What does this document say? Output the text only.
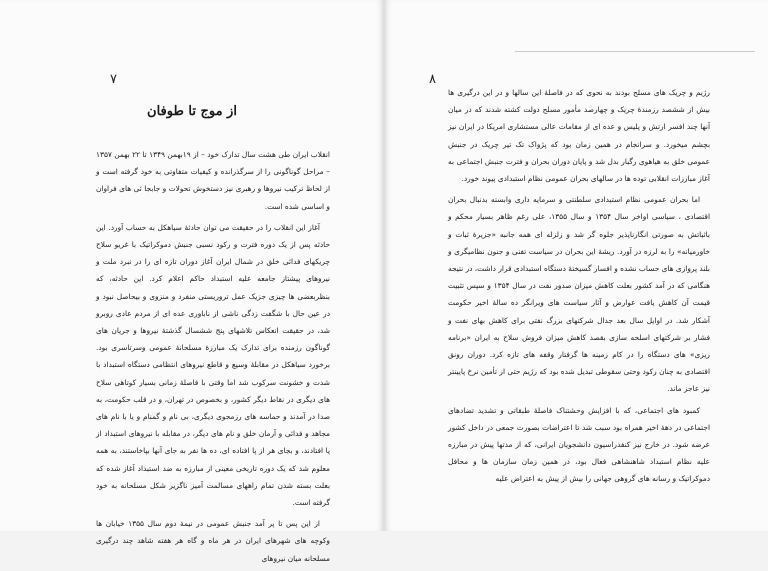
۷
از موج تا طوفان

انقلاب ایران طی هشت سال تدارک خود – از ۱۹بهمن ۱۳۴۹ تا ۲۲ بهمن ۱۳۵۷ – مراحل گوناگونی را از سرگذرانده و کیفیات متفاوتی به خود گرفته است و از لحاظ ترکیب نیروها و رهبری نیز دستخوش تحولات و جابجا ئی های فراوان و اساسی شده است.

آغاز این انقلاب را در حقیقت می توان حادثهٔ سیاهکل به حساب آورد. این حادثه پس از یک دوره فترت و رکود نسبی جنبش دموکراتیک با غریو سلاح چریکهای فدائی خلق در شمال ایران آغاز دوران تازه ای را در نبرد ملت و نیروهای پیشتاز جامعه علیه استبداد حاکم اعلام کرد. این حادثه، که بنظربعضی ها چیزی جزیک عمل تروریستی منفرد و منزوی و بیحاصل نبود و در عین حال با شگفت زدگی ناشی از ناباوری عده ای از مردم عادی روبرو شد، در حقیقت انعکاس تلاشهای پنج ششسال گذشتهٔ نیروها و جریان های گوناگون رزمنده برای تدارک یک مبارزهٔ مسلحانهٔ عمومی وسرتاسری بود. برخورد سیاهکل در مقابلهٔ وسیع و قاطع نیروهای انتظامی دستگاه استبداد با شدت و خشونت سرکوب شد اما وقتی با فاصلهٔ زمانی بسیار کوتاهی سلاح های دیگری در نقاط دیگر کشور، و بخصوص در تهران، و در قلب حکومت، به صدا در آمدند و حماسه های رزمجوی دیگری، بی نام و گمنام و یا با نام های مجاهد و فدائی و آرمان خلق و نام های دیگر، در مقابله با نیروهای استبداد از پا افتادند، و بجای هر از پا افتاده ای، ده ها نفر به جای آنها بپاخاستند، به همه معلوم شد که یک دوره تاریخی معینی از مبارزه به ضد استبداد آغاز شده که بعلت بسته شدن تمام راههای مسالمت آمیز ناگزیر شکل مسلحانه به خود گرفته است.

از این پس تا پر آمد جنبش عمومی در نیمهٔ دوم سال ۱۳۵۵ خیابان ها وکوچه های شهرهای ایران در هر ماه و گاه هر هفته شاهد چند درگیری مسلحانه میان نیروهای

۸

رژیم و چریک های مسلح بودند به نحوی که در فاصلهٔ این سالها و در این درگیری ها بیش از ششصد رزمندهٔ چریک و چهارصد مأمور مسلح دولت کشته شدند که در میان آنها چند افسر ارتش و پلیس و عده ای از مقامات عالی مستشاری امریکا در ایران نیز بچشم میخورد. و سرانجام در همین زمان بود که پژواک تک تیر چریک در جنبش عمومی خلق به هیاهوی رگبار بدل شد و پایان دوران بحران و فترت جنبش اجتماعی به آغاز مبارزات انقلابی توده ها در سالهای بحران عمومی نظام استبدادی پیوند خورد.

اما بحران عمومی نظام استبدادی سلطنتی و سرمایه داری وابسته بدنبال بحران اقتصادی ، سیاسی اواخر سال ۱۳۵۴ و سال ۱۳۵۵، علی رغم ظاهر بسیار محکم و باثباتش به صورتی انگارناپذیر جلوه گر شد و زلزله ای همه جانبه «جزیرهٔ ثبات و خاورمیانه» را به لرزه در آورد. ریشهٔ این بحران در سیاست تفنی و جنون نظامیگری و بلند پروازی های حساب نشده و افسار گسیختهٔ دستگاه استبدادی قرار داشت، در نتیجه هنگامی که در آمد کشور بعلت کاهش میزان صدور نفت در سال ۱۳۵۴ و سپس تثبیت قیمت آن کاهش یافت عوارض و آثار سیاست های ویرانگر ده سالهٔ اخیر حکومت آشکار شد. در اوایل سال بعد جدال شرکتهای بزرگ نفتی برای کاهش بهای نفت و فشار بر شرکتهای اسلحه سازی بقصد کاهش میزان فروش سلاح به ایران «برنامه ریزی» های دستگاه را در کام زمینه ها گرفتار وقفه های تازه کرد. دوران رونق اقتصادی به چنان رکود وحتی سقوطی تبدیل شده بود که رژیم حتی از تأمین نرخ پایینتر نیز عاجز ماند.

کمبود های اجتماعی، که با افزایش وحشتناک فاصلهٔ طبقاتی و تشدید تضادهای اجتماعی در دههٔ اخیر همراه بود سبب شد تا اعتراضات بصورت جمعی در داخل کشور عرضه شود. در خارج نیز کنفدراسیون دانشجویان ایرانی، که از مدتها پیش در مبارزه علیه نظام استبداد شاهنشاهی فعال بود، در همین زمان سازمان ها و محافل دموکراتیک و رسانه های گروهی جهانی را بیش از پیش به اعتراض علیه
